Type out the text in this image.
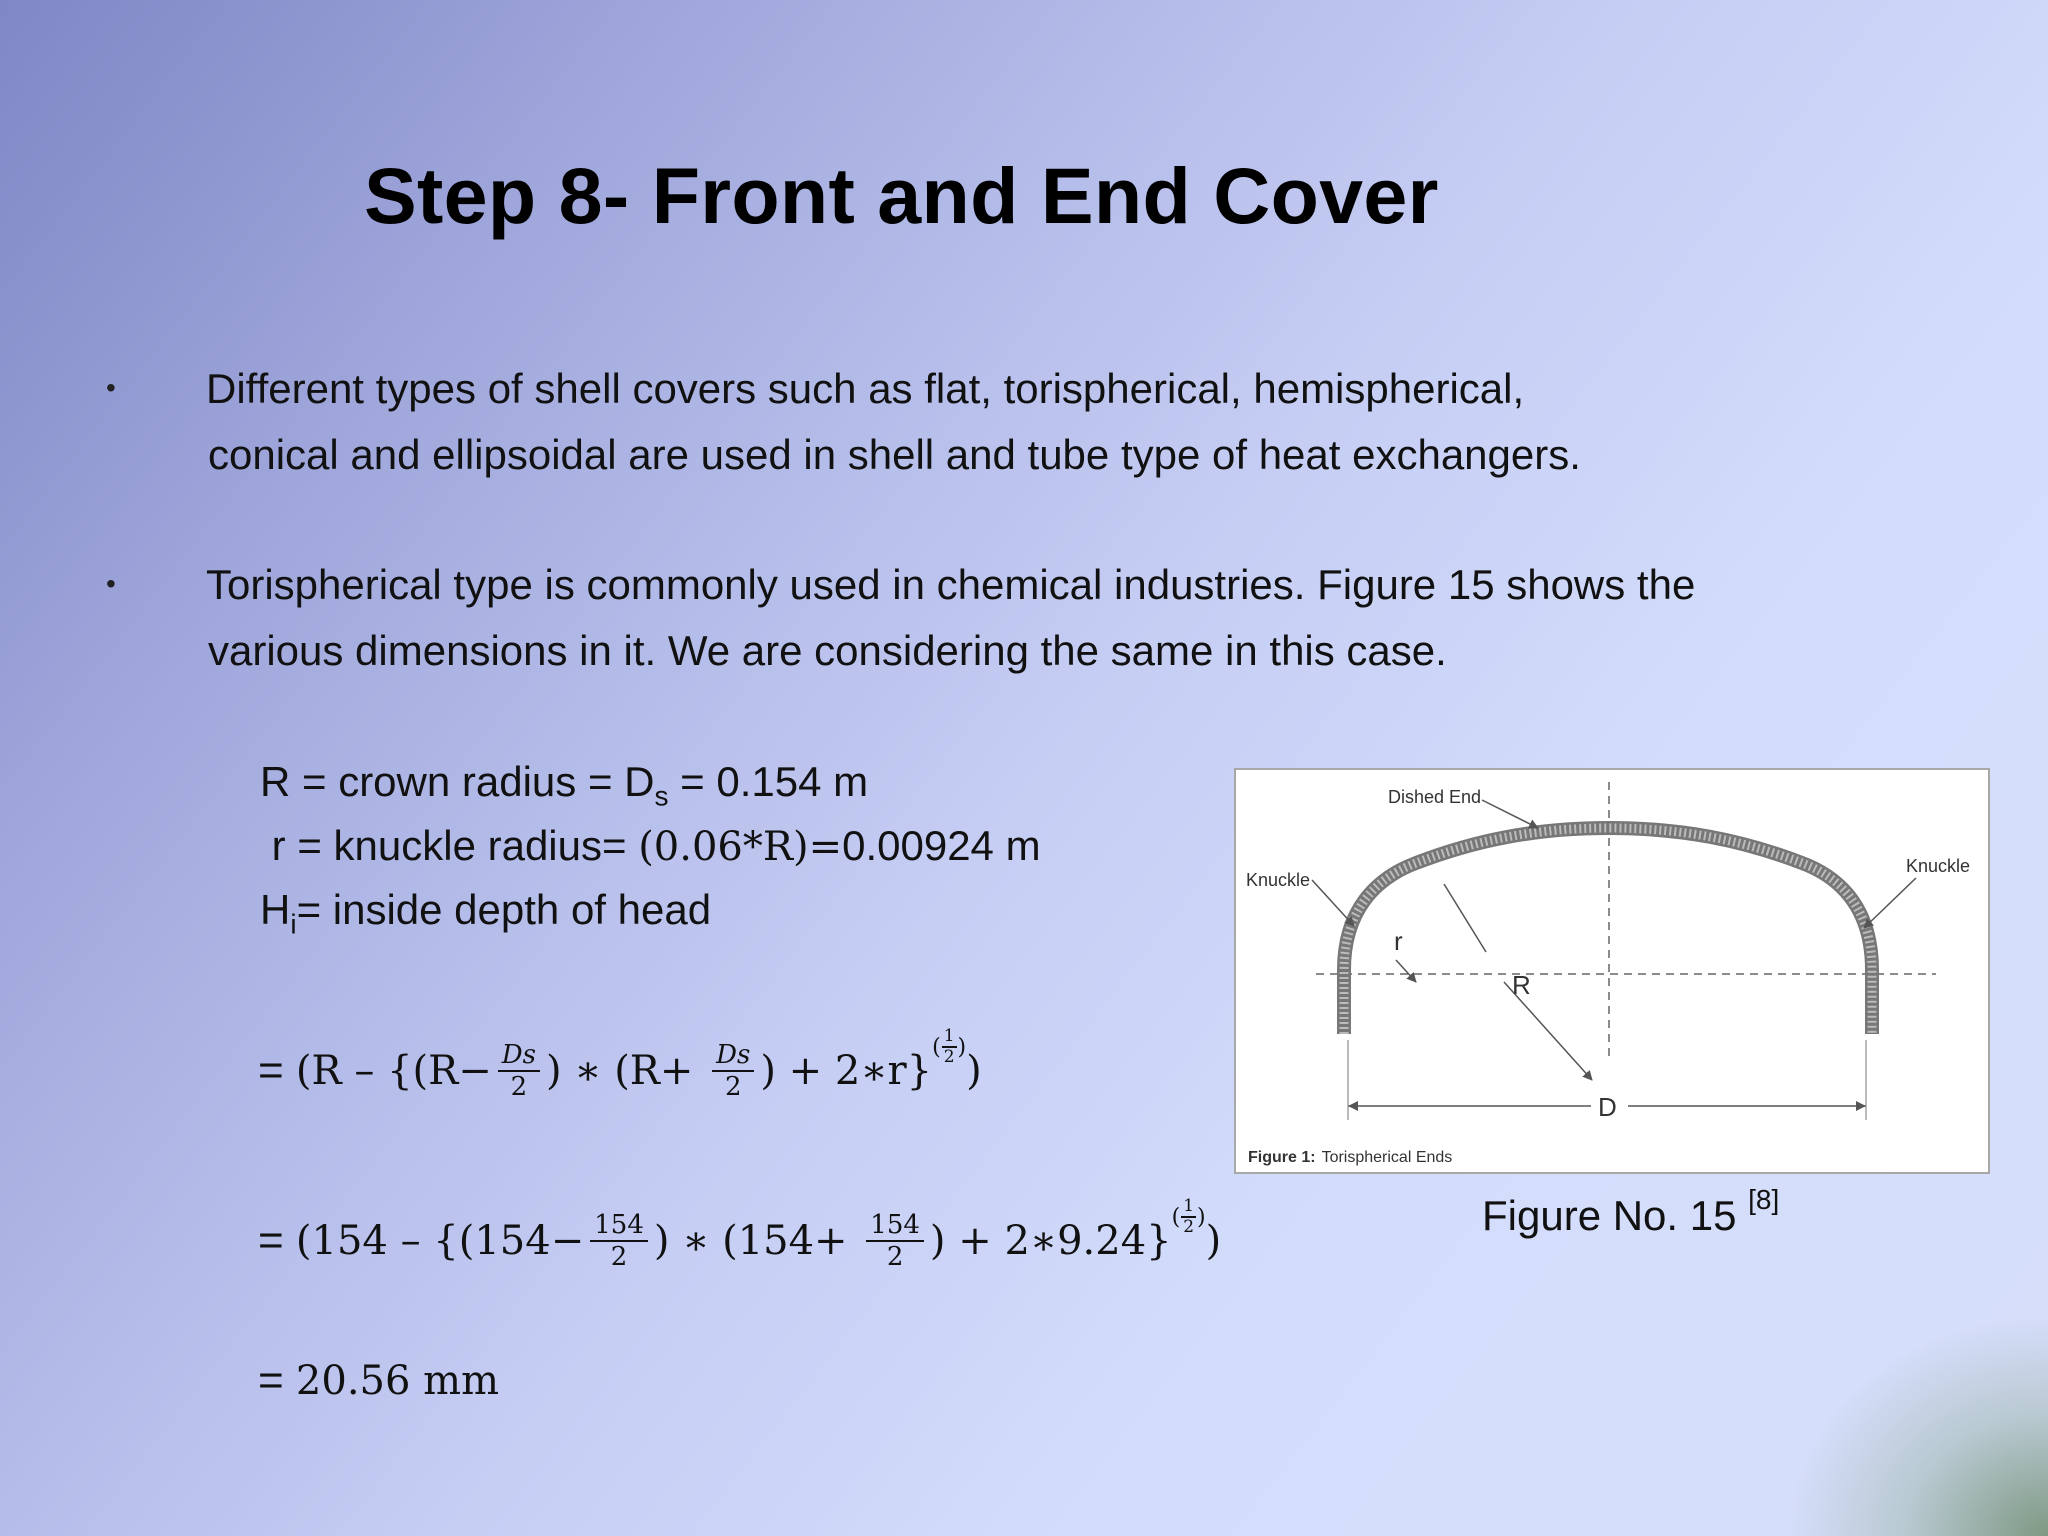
Step 8- Front and End Cover
• Different types of shell covers such as flat, torispherical, hemispherical,
conical and ellipsoidal are used in shell and tube type of heat exchangers.
• Torispherical type is commonly used in chemical industries. Figure 15 shows the
various dimensions in it. We are considering the same in this case.
R = crown radius = $D_s = 0.154$ m
r = knuckle radius= (0.06*R)=0.00924 m
$H_i=$ inside depth of head
= ($R - \{(R- \frac{Ds}{2}$ ) ∗ ($R+ \frac{Ds}{2}$ ) + 2∗r}
( $\frac{1}{2}$ )
)
= ($154 - \{(154- \frac{154}{2}$ ) ∗ ($154+ \frac{154}{2}$ ) + 2∗9.24}
( $\frac{1}{2}$ )
)
= 20.56 mm
Dished End
Knuckle
Knuckle
r
R
D
Figure 1: Torispherical Ends
Figure No. 15 [8]
